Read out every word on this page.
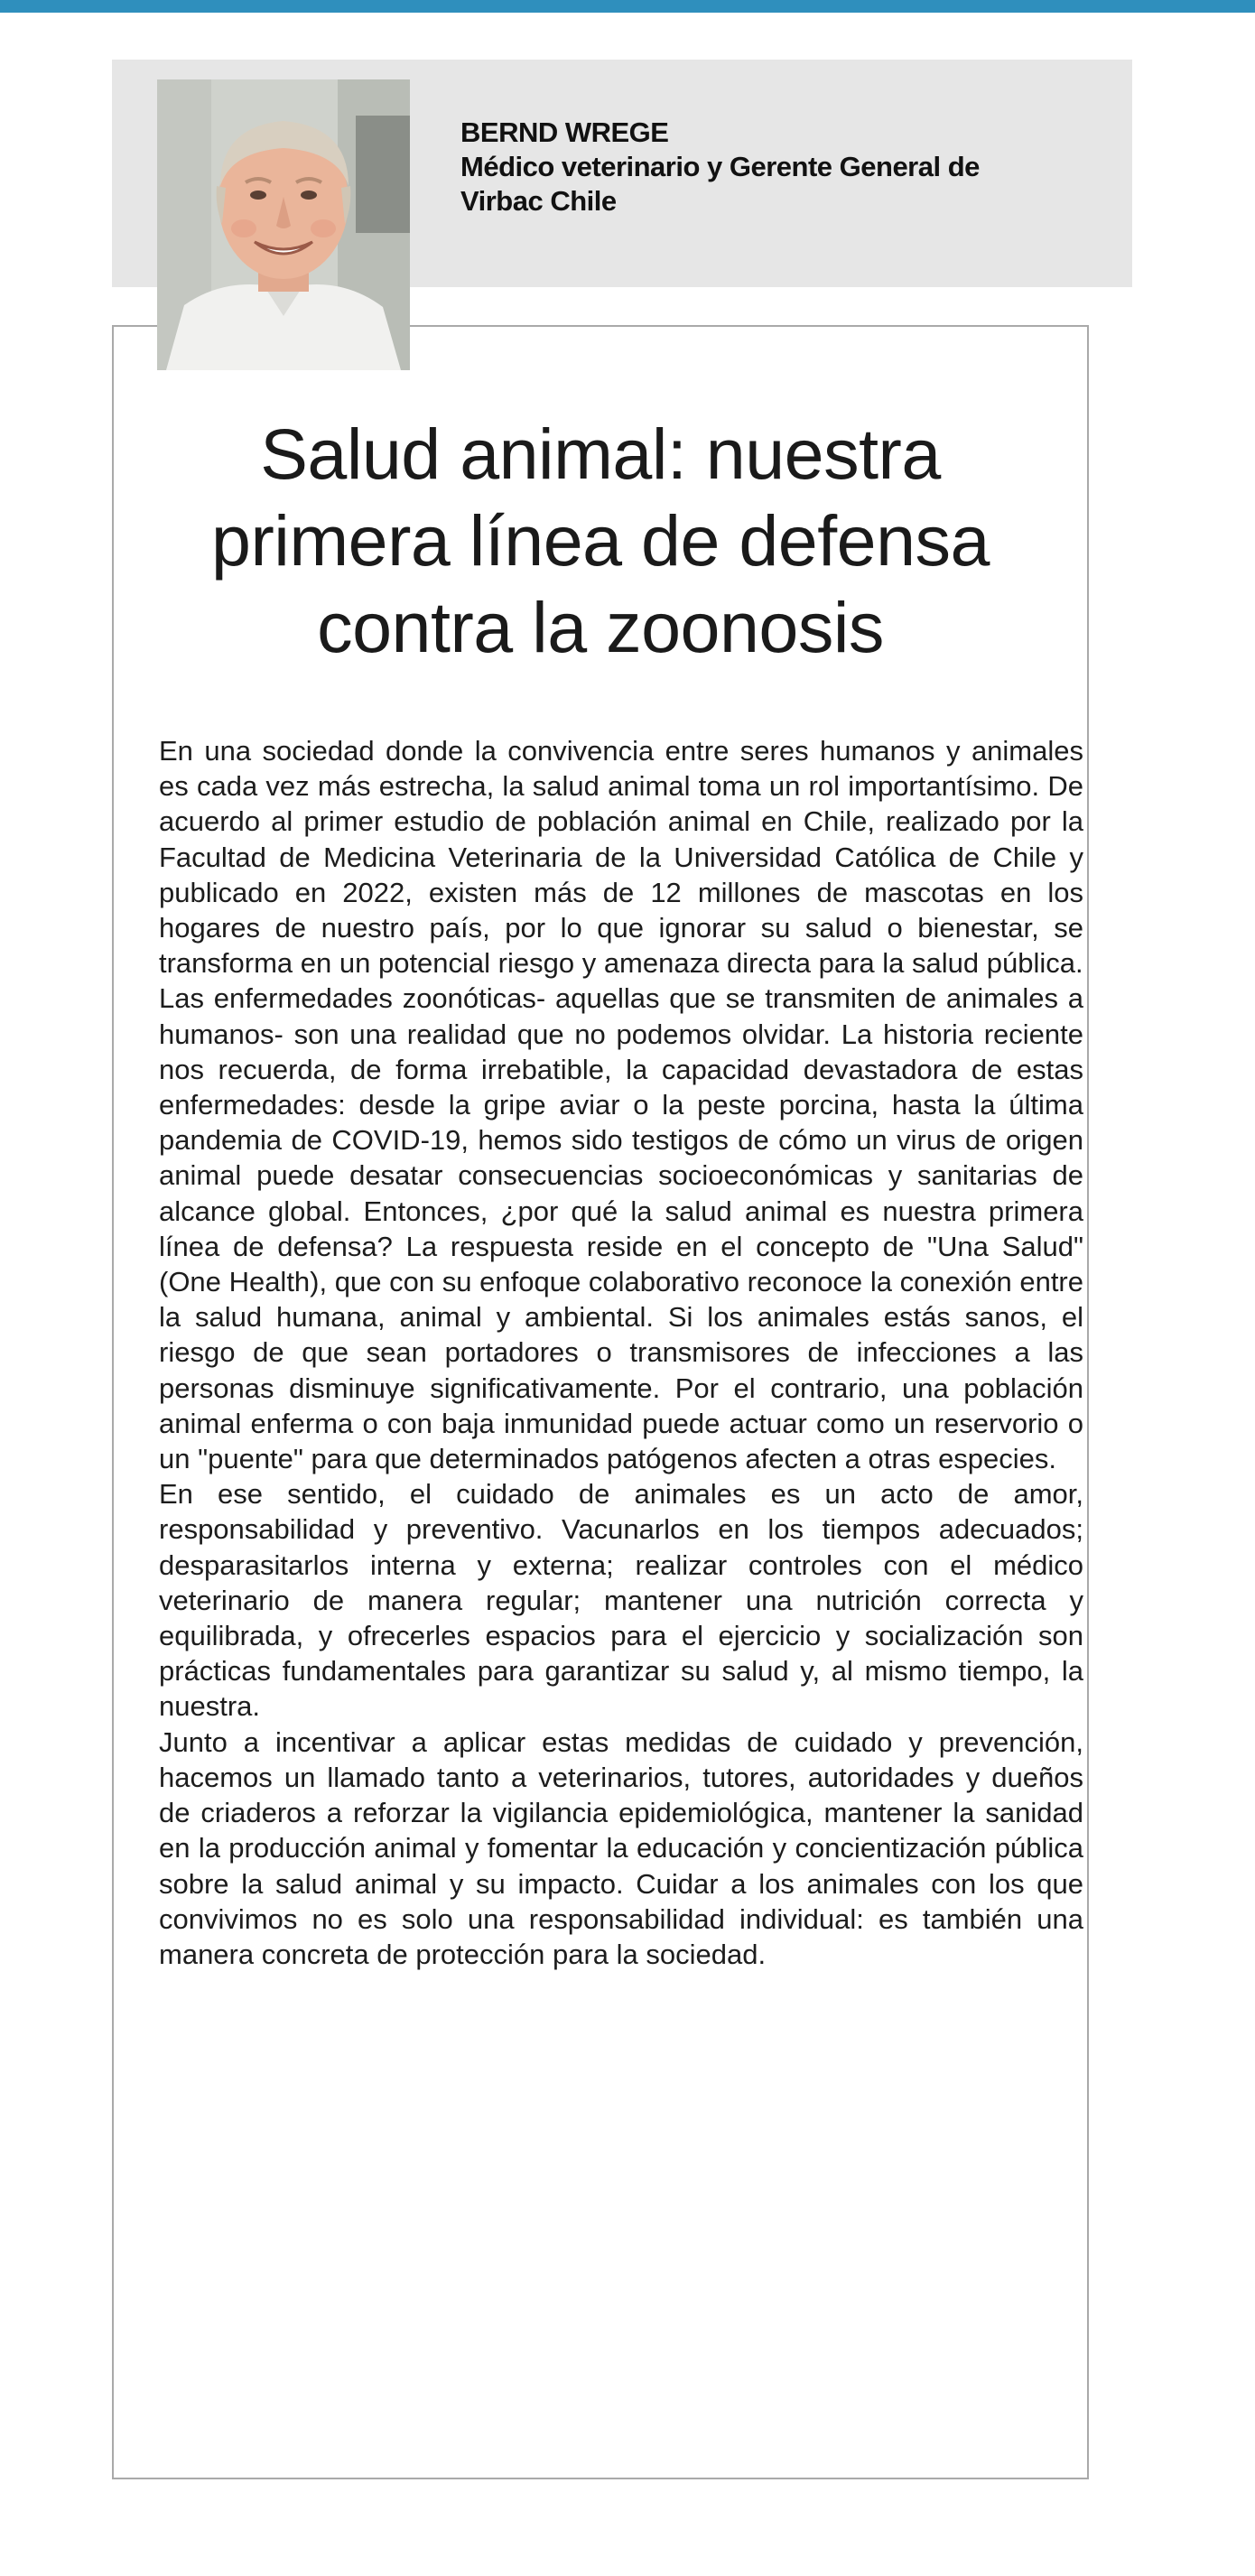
BERND WREGE
Médico veterinario y Gerente General de
Virbac Chile
Salud animal: nuestra
primera línea de defensa
contra la zoonosis

En una sociedad donde la convivencia entre seres humanos y animales es cada vez más estrecha, la salud animal toma un rol importantísimo. De acuerdo al primer estudio de población animal en Chile, realizado por la Facultad de Medicina Veterinaria de la Universidad Católica de Chile y publicado en 2022, existen más de 12 millones de mascotas en los hogares de nuestro país, por lo que ignorar su salud o bienestar, se transforma en un potencial riesgo y amenaza directa para la salud pública.

Las enfermedades zoonóticas- aquellas que se transmiten de animales a humanos- son una realidad que no podemos olvidar. La historia reciente nos recuerda, de forma irrebatible, la capacidad devastadora de estas enfermedades: desde la gripe aviar o la peste porcina, hasta la última pandemia de COVID-19, hemos sido testigos de cómo un virus de origen animal puede desatar consecuencias socioeconómicas y sanitarias de alcance global. Entonces, ¿por qué la salud animal es nuestra primera línea de defensa? La respuesta reside en el concepto de "Una Salud" (One Health), que con su enfoque colaborativo reconoce la conexión entre la salud humana, animal y ambiental. Si los animales estás sanos, el riesgo de que sean portadores o transmisores de infecciones a las personas disminuye significativamente. Por el contrario, una población animal enferma o con baja inmunidad puede actuar como un reservorio o un "puente" para que determinados patógenos afecten a otras especies.

En ese sentido, el cuidado de animales es un acto de amor, responsabilidad y preventivo. Vacunarlos en los tiempos adecuados; desparasitarlos interna y externa; realizar controles con el médico veterinario de manera regular; mantener una nutrición correcta y equilibrada, y ofrecerles espacios para el ejercicio y socialización son prácticas fundamentales para garantizar su salud y, al mismo tiempo, la nuestra.

Junto a incentivar a aplicar estas medidas de cuidado y prevención, hacemos un llamado tanto a veterinarios, tutores, autoridades y dueños de criaderos a reforzar la vigilancia epidemiológica, mantener la sanidad en la producción animal y fomentar la educación y concientización pública sobre la salud animal y su impacto. Cuidar a los animales con los que convivimos no es solo una responsabilidad individual: es también una manera concreta de protección para la sociedad.
